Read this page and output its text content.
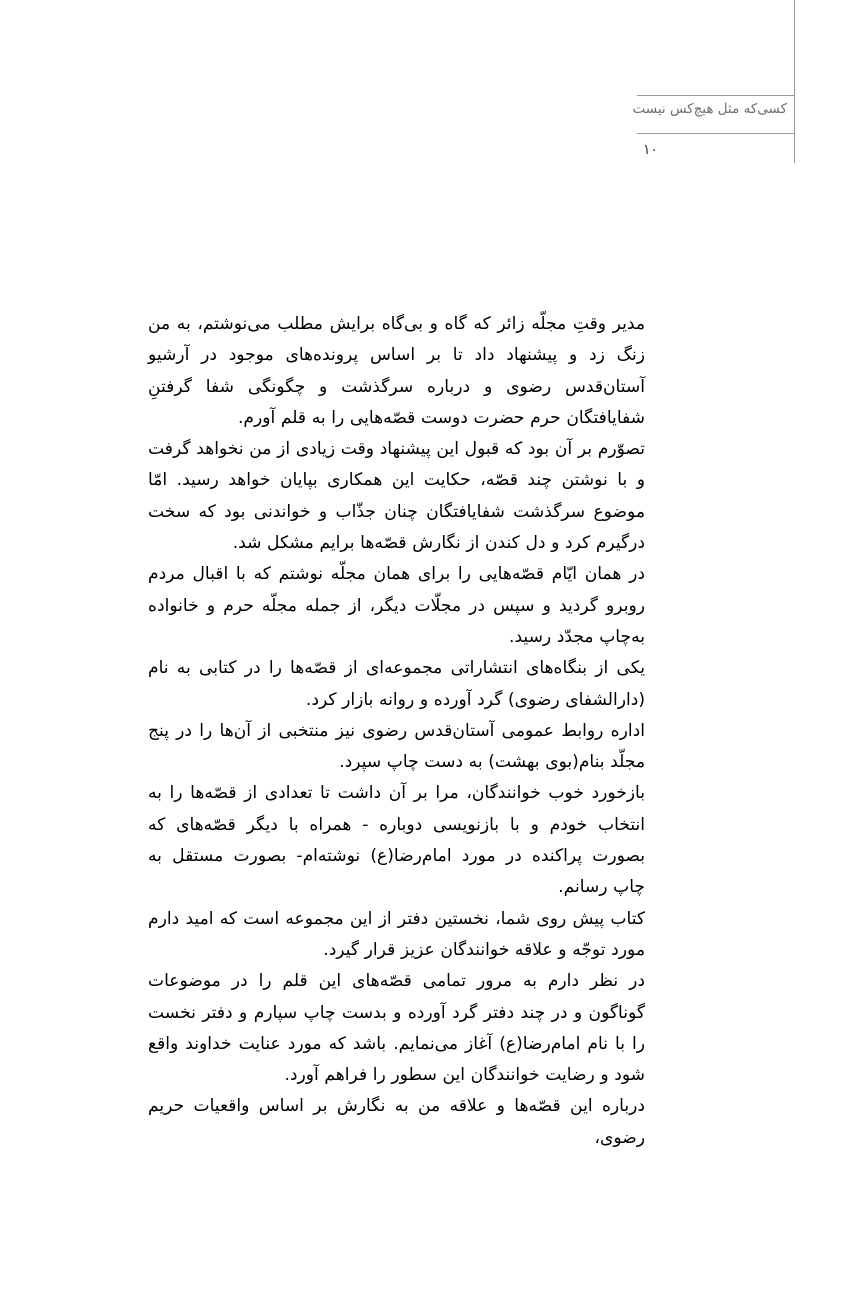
کسی‌که مثل هیچ‌کس نیست
۱۰

مدیر وقتِ مجلّه زائر که گاه و بی‌گاه برایش مطلب می‌نوشتم، به من زنگ زد و پیشنهاد داد تا بر اساس پرونده‌های موجود در آرشیو آستان‌قدس رضوی و درباره سرگذشت و چگونگی شفا گرفتنِ شفایافتگان حرم حضرت دوست قصّه‌هایی را به قلم آورم.

تصوّرم بر آن بود که قبول این پیشنهاد وقت زیادی از من نخواهد گرفت و با نوشتن چند قصّه، حکایت این همکاری بپایان خواهد رسید. امّا موضوع سرگذشت شفایافتگان چنان جذّاب و خواندنی بود که سخت درگیرم کرد و دل کندن از نگارش قصّه‌ها برایم مشکل شد.

در همان ایّام قصّه‌هایی را برای همان مجلّه نوشتم که با اقبال مردم روبرو گردید و سپس در مجلّات دیگر، از جمله مجلّه حرم و خانواده به‌چاپ مجدّد رسید.

یکی از بنگاه‌های انتشاراتی مجموعه‌ای از قصّه‌ها را در کتابی به نام (دارالشفای رضوی) گرد آورده و روانه بازار کرد.

اداره روابط عمومی آستان‌قدس رضوی نیز منتخبی از آن‌ها را در پنج مجلّد بنام(بوی بهشت) به دست چاپ سپرد.

بازخورد خوب خوانندگان، مرا بر آن داشت تا تعدادی از قصّه‌ها را به انتخاب خودم و با بازنویسی دوباره - همراه با دیگر قصّه‌های که بصورت پراکنده در مورد امام‌رضا(ع) نوشته‌ام- بصورت مستقل به چاپ رسانم.

کتاب پیش روی شما، نخستین دفتر از این مجموعه است که امید دارم مورد توجّه و علاقه خوانندگان عزیز قرار گیرد.

در نظر دارم به مرور تمامی قصّه‌های این قلم را در موضوعات گوناگون و در چند دفتر گرد آورده و بدست چاپ سپارم و دفتر نخست را با نام امام‌رضا(ع) آغاز می‌نمایم. باشد که مورد عنایت خداوند واقع شود و رضایت خوانندگان این سطور را فراهم آورد.

درباره این قصّه‌ها و علاقه من به نگارش بر اساس واقعیات حریم رضوی،
